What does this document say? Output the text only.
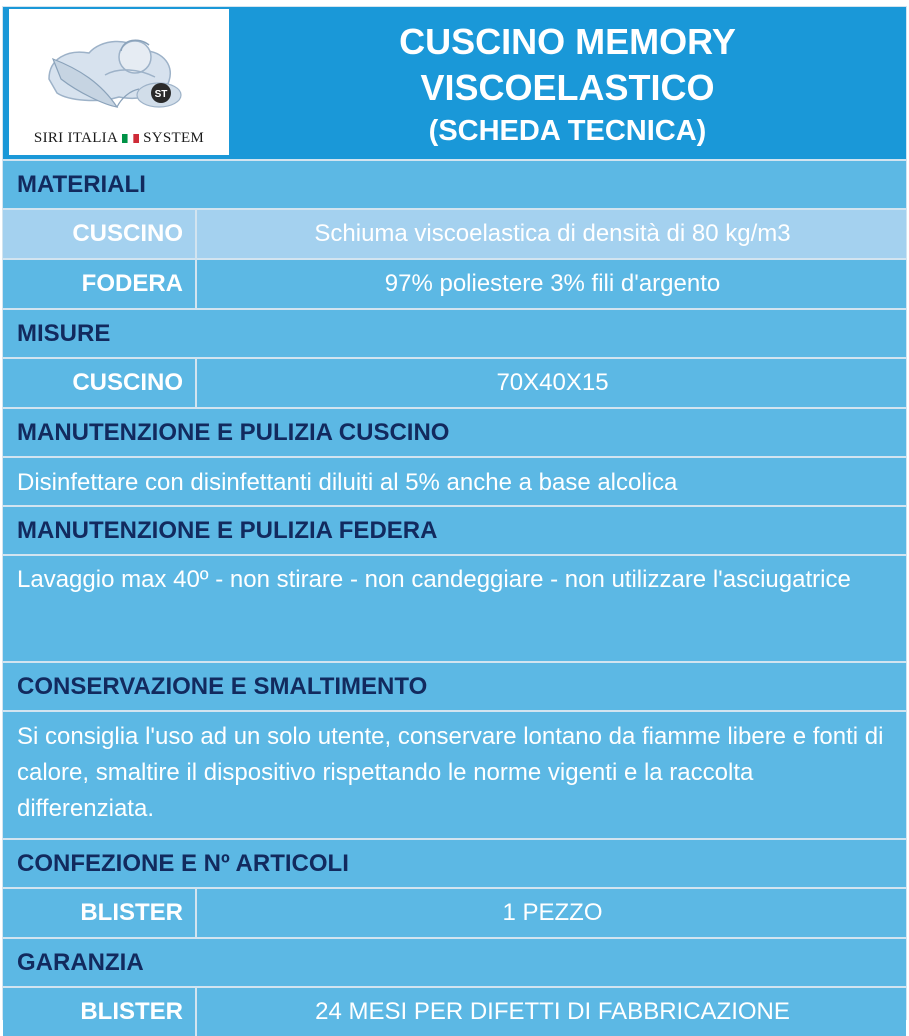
ST
SIRI ITALIA SYSTEM
CUSCINO MEMORY
VISCOELASTICO
(SCHEDA TECNICA)
MATERIALI
CUSCINO	Schiuma viscoelastica di densità di 80 kg/m3
FODERA	97% poliestere 3% fili d'argento
MISURE
CUSCINO	70X40X15
MANUTENZIONE E PULIZIA CUSCINO
Disinfettare con disinfettanti diluiti al 5% anche a base alcolica
MANUTENZIONE E PULIZIA FEDERA
Lavaggio max 40º - non stirare - non candeggiare - non utilizzare l'asciugatrice
CONSERVAZIONE E SMALTIMENTO
Si consiglia l'uso ad un solo utente, conservare lontano da fiamme libere e fonti di calore, smaltire il dispositivo rispettando le norme vigenti e la raccolta differenziata.
CONFEZIONE E Nº ARTICOLI
BLISTER	1 PEZZO
GARANZIA
BLISTER	24 MESI PER DIFETTI DI FABBRICAZIONE
